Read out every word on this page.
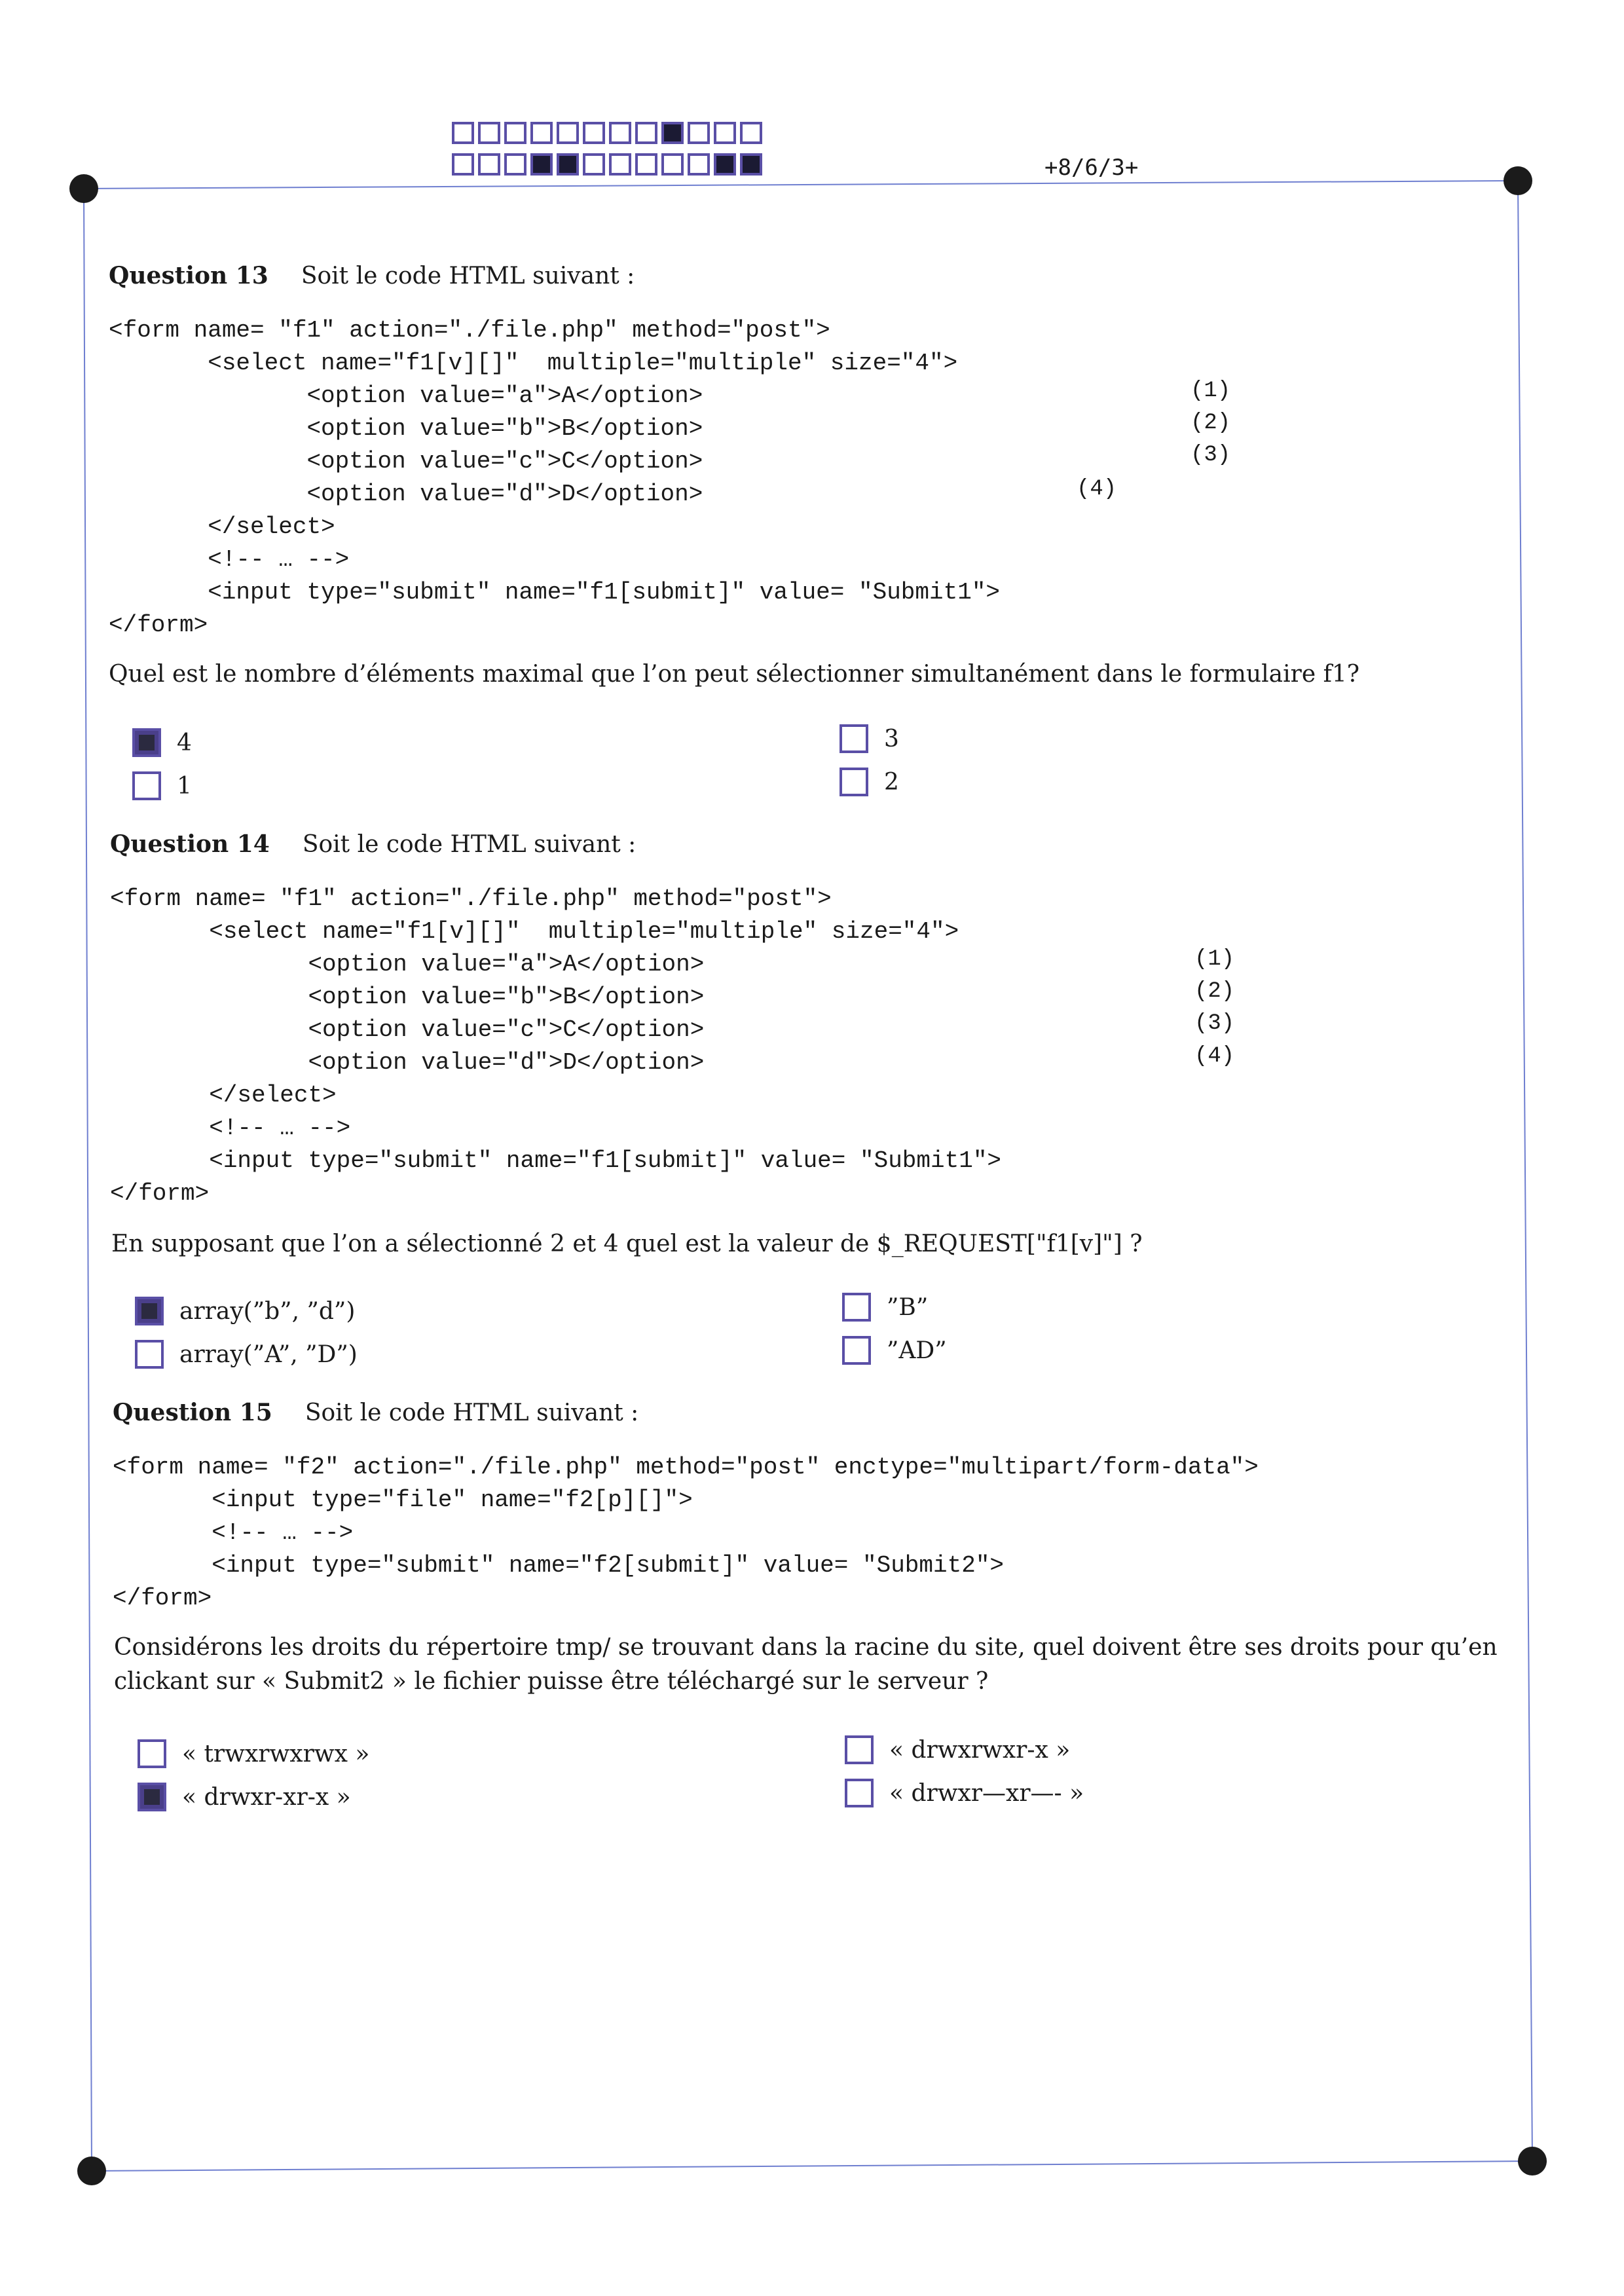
+8/6/3+
Question 13 Soit le code HTML suivant :
<form name= "f1" action="./file.php" method="post">
<select name="f1[v][]"  multiple="multiple" size="4">
<option value="a">A</option>
<option value="b">B</option>
<option value="c">C</option>
<option value="d">D</option>
</select>
<!-- … -->
<input type="submit" name="f1[submit]" value= "Submit1">
</form>
(1)
(2)
(3)
(4)
Quel est le nombre d’éléments maximal que l’on peut sélectionner simultanément dans le formulaire f1?
4
1
3
2
Question 14 Soit le code HTML suivant :
<form name= "f1" action="./file.php" method="post">
<select name="f1[v][]"  multiple="multiple" size="4">
<option value="a">A</option>
<option value="b">B</option>
<option value="c">C</option>
<option value="d">D</option>
</select>
<!-- … -->
<input type="submit" name="f1[submit]" value= "Submit1">
</form>
(1)
(2)
(3)
(4)
En supposant que l’on a sélectionné 2 et 4 quel est la valeur de $_REQUEST["f1[v]"] ?
array(”b”, ”d”)
array(”A”, ”D”)
”B”
”AD”
Question 15 Soit le code HTML suivant :
<form name= "f2" action="./file.php" method="post" enctype="multipart/form-data">
<input type="file" name="f2[p][]">
<!-- … -->
<input type="submit" name="f2[submit]" value= "Submit2">
</form>
Considérons les droits du répertoire tmp/ se trouvant dans la racine du site, quel doivent être ses droits pour qu’en clickant sur « Submit2 » le fichier puisse être téléchargé sur le serveur ?
« trwxrwxrwx »
« drwxr-xr-x »
« drwxrwxr-x »
« drwxr—xr—- »
